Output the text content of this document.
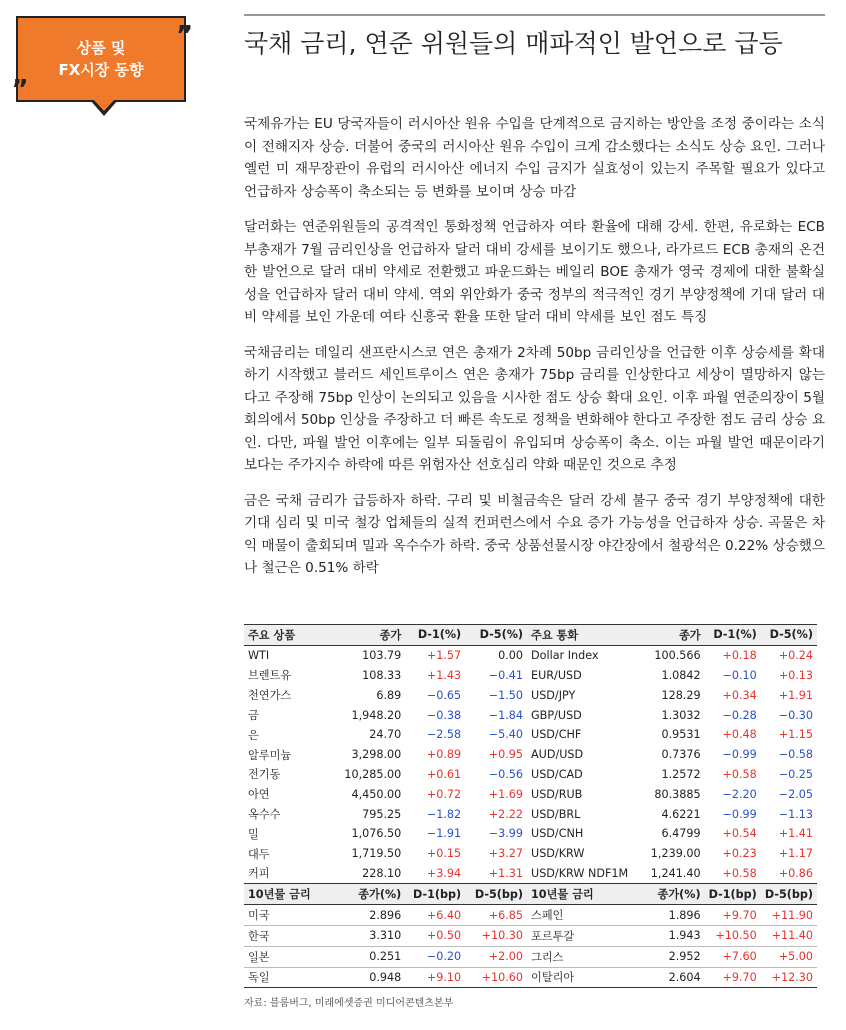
상품 및
FX시장 동향
„
” 국채 금리, 연준 위원들의 매파적인 발언으로 급등

국제유가는 EU 당국자들이 러시아산 원유 수입을 단계적으로 금지하는 방안을 조정 중이라는 소식이 전해지자 상승. 더불어 중국의 러시아산 원유 수입이 크게 감소했다는 소식도 상승 요인. 그러나 옐런 미 재무장관이 유럽의 러시아산 에너지 수입 금지가 실효성이 있는지 주목할 필요가 있다고 언급하자 상승폭이 축소되는 등 변화를 보이며 상승 마감

달러화는 연준위원들의 공격적인 통화정책 언급하자 여타 환율에 대해 강세. 한편, 유로화는 ECB 부총재가 7월 금리인상을 언급하자 달러 대비 강세를 보이기도 했으나, 라가르드 ECB 총재의 온건한 발언으로 달러 대비 약세로 전환했고 파운드화는 베일리 BOE 총재가 영국 경제에 대한 불확실성을 언급하자 달러 대비 약세. 역외 위안화가 중국 정부의 적극적인 경기 부양정책에 기대 달러 대비 약세를 보인 가운데 여타 신흥국 환율 또한 달러 대비 약세를 보인 점도 특징

국채금리는 데일리 샌프란시스코 연은 총재가 2차례 50bp 금리인상을 언급한 이후 상승세를 확대하기 시작했고 블러드 세인트루이스 연은 총재가 75bp 금리를 인상한다고 세상이 멸망하지 않는다고 주장해 75bp 인상이 논의되고 있음을 시사한 점도 상승 확대 요인. 이후 파월 연준의장이 5월 회의에서 50bp 인상을 주장하고 더 빠른 속도로 정책을 변화해야 한다고 주장한 점도 금리 상승 요인. 다만, 파월 발언 이후에는 일부 되돌림이 유입되며 상승폭이 축소. 이는 파월 발언 때문이라기 보다는 주가지수 하락에 따른 위험자산 선호심리 약화 때문인 것으로 추정

금은 국채 금리가 급등하자 하락. 구리 및 비철금속은 달러 강세 불구 중국 경기 부양정책에 대한 기대 심리 및 미국 철강 업체들의 실적 컨퍼런스에서 수요 증가 가능성을 언급하자 상승. 곡물은 차익 매물이 출회되며 밀과 옥수수가 하락. 중국 상품선물시장 야간장에서 철광석은 0.22% 상승했으나 철근은 0.51% 하락

주요 상품	종가	D-1(%)	D-5(%)	주요 통화	종가	D-1(%)	D-5(%)
WTI	103.79	+1.57	0.00	Dollar Index	100.566	+0.18	+0.24
브렌트유	108.33	+1.43	−0.41	EUR/USD	1.0842	−0.10	+0.13
천연가스	6.89	−0.65	−1.50	USD/JPY	128.29	+0.34	+1.91
금	1,948.20	−0.38	−1.84	GBP/USD	1.3032	−0.28	−0.30
은	24.70	−2.58	−5.40	USD/CHF	0.9531	+0.48	+1.15
알루미늄	3,298.00	+0.89	+0.95	AUD/USD	0.7376	−0.99	−0.58
전기동	10,285.00	+0.61	−0.56	USD/CAD	1.2572	+0.58	−0.25
아연	4,450.00	+0.72	+1.69	USD/RUB	80.3885	−2.20	−2.05
옥수수	795.25	−1.82	+2.22	USD/BRL	4.6221	−0.99	−1.13
밀	1,076.50	−1.91	−3.99	USD/CNH	6.4799	+0.54	+1.41
대두	1,719.50	+0.15	+3.27	USD/KRW	1,239.00	+0.23	+1.17
커피	228.10	+3.94	+1.31	USD/KRW NDF1M	1,241.40	+0.58	+0.86
10년물 금리	종가(%)	D-1(bp)	D-5(bp)	10년물 금리	종가(%)	D-1(bp)	D-5(bp)
미국	2.896	+6.40	+6.85	스페인	1.896	+9.70	+11.90
한국	3.310	+0.50	+10.30	포르투갈	1.943	+10.50	+11.40
일본	0.251	−0.20	+2.00	그리스	2.952	+7.60	+5.00
독일	0.948	+9.10	+10.60	이탈리아	2.604	+9.70	+12.30
자료: 블룸버그, 미래에셋증권 미디어콘텐츠본부
